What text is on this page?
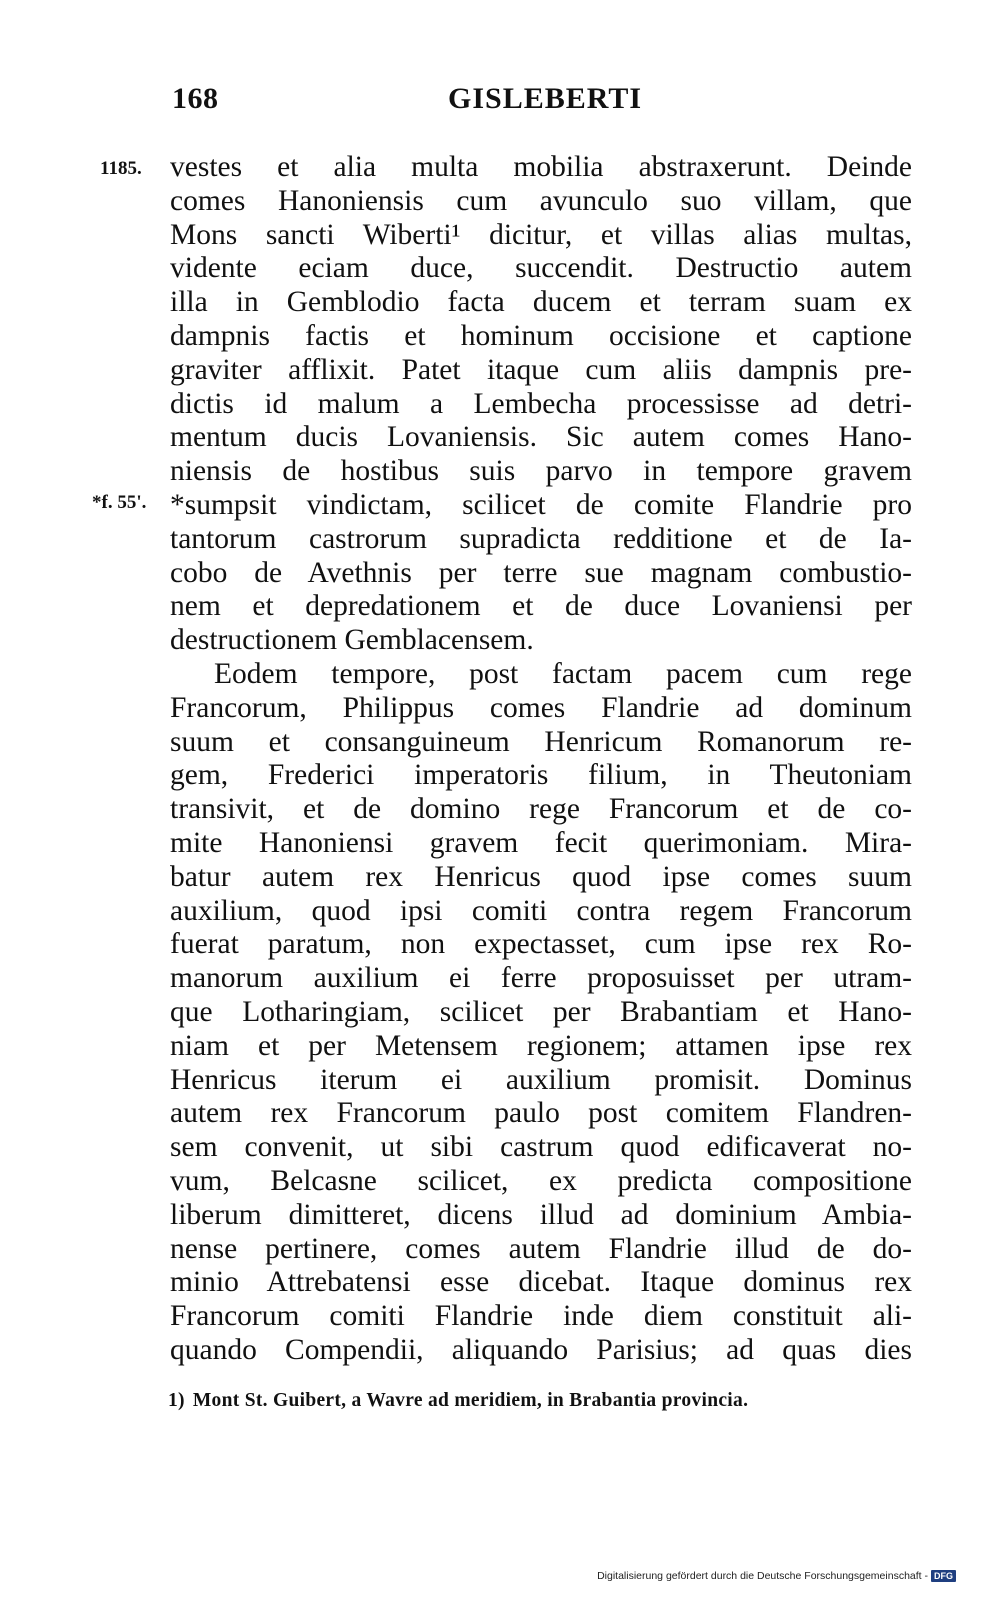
168	GISLEBERTI
1185.
*f. 55'.
vestes et alia multa mobilia abstraxerunt. Deinde
comes Hanoniensis cum avunculo suo villam, que
Mons sancti Wiberti¹ dicitur, et villas alias multas,
vidente eciam duce, succendit. Destructio autem
illa in Gemblodio facta ducem et terram suam ex
dampnis factis et hominum occisione et captione
graviter afflixit. Patet itaque cum aliis dampnis pre-
dictis id malum a Lembecha processisse ad detri-
mentum ducis Lovaniensis. Sic autem comes Hano-
niensis de hostibus suis parvo in tempore gravem
*sumpsit vindictam, scilicet de comite Flandrie pro
tantorum castrorum supradicta redditione et de Ia-
cobo de Avethnis per terre sue magnam combustio-
nem et depredationem et de duce Lovaniensi per
destructionem Gemblacensem.
Eodem tempore, post factam pacem cum rege
Francorum, Philippus comes Flandrie ad dominum
suum et consanguineum Henricum Romanorum re-
gem, Frederici imperatoris filium, in Theutoniam
transivit, et de domino rege Francorum et de co-
mite Hanoniensi gravem fecit querimoniam. Mira-
batur autem rex Henricus quod ipse comes suum
auxilium, quod ipsi comiti contra regem Francorum
fuerat paratum, non expectasset, cum ipse rex Ro-
manorum auxilium ei ferre proposuisset per utram-
que Lotharingiam, scilicet per Brabantiam et Hano-
niam et per Metensem regionem; attamen ipse rex
Henricus iterum ei auxilium promisit. Dominus
autem rex Francorum paulo post comitem Flandren-
sem convenit, ut sibi castrum quod edificaverat no-
vum, Belcasne scilicet, ex predicta compositione
liberum dimitteret, dicens illud ad dominium Ambia-
nense pertinere, comes autem Flandrie illud de do-
minio Attrebatensi esse dicebat. Itaque dominus rex
Francorum comiti Flandrie inde diem constituit ali-
quando Compendii, aliquando Parisius; ad quas dies
1) Mont St. Guibert, a Wavre ad meridiem, in Brabantia provincia.
Digitalisierung gefördert durch die Deutsche Forschungsgemeinschaft - DFG
